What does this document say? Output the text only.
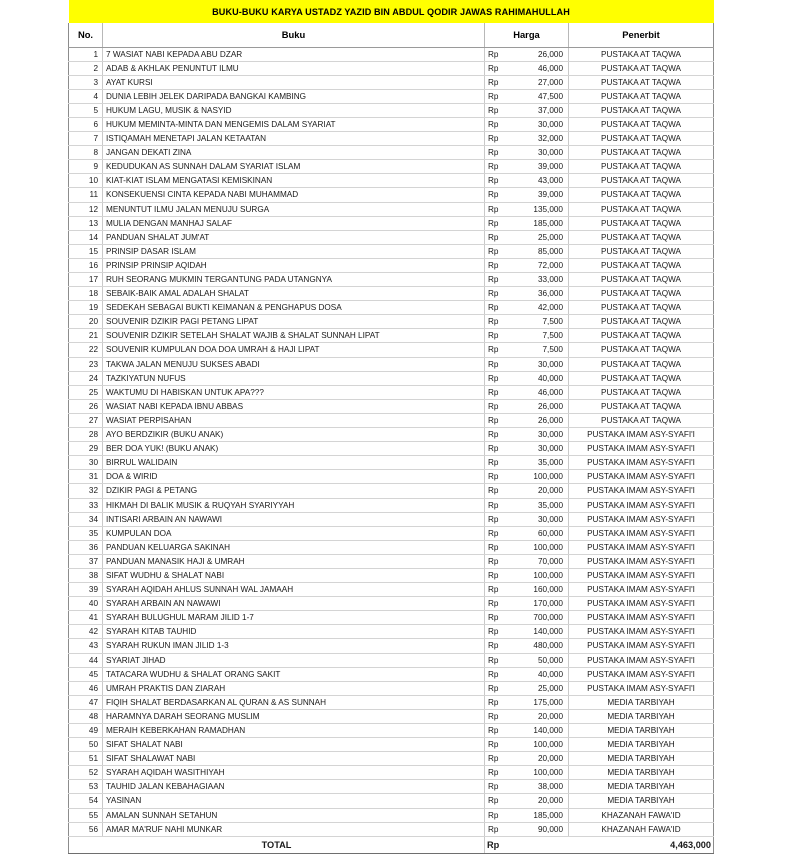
BUKU-BUKU KARYA USTADZ YAZID BIN ABDUL QODIR JAWAS RAHIMAHULLAH				
No.	Buku	Harga		Penerbit
1	7 WASIAT NABI KEPADA ABU DZAR	Rp	26,000	PUSTAKA AT TAQWA
2	ADAB & AKHLAK PENUNTUT ILMU	Rp	46,000	PUSTAKA AT TAQWA
3	AYAT KURSI	Rp	27,000	PUSTAKA AT TAQWA
4	DUNIA LEBIH JELEK DARIPADA BANGKAI KAMBING	Rp	47,500	PUSTAKA AT TAQWA
5	HUKUM LAGU, MUSIK & NASYID	Rp	37,000	PUSTAKA AT TAQWA
6	HUKUM MEMINTA-MINTA DAN MENGEMIS DALAM SYARIAT	Rp	30,000	PUSTAKA AT TAQWA
7	ISTIQAMAH MENETAPI JALAN KETAATAN	Rp	32,000	PUSTAKA AT TAQWA
8	JANGAN DEKATI ZINA	Rp	30,000	PUSTAKA AT TAQWA
9	KEDUDUKAN AS SUNNAH DALAM SYARIAT ISLAM	Rp	39,000	PUSTAKA AT TAQWA
10	KIAT-KIAT ISLAM MENGATASI KEMISKINAN	Rp	43,000	PUSTAKA AT TAQWA
11	KONSEKUENSI CINTA KEPADA NABI MUHAMMAD	Rp	39,000	PUSTAKA AT TAQWA
12	MENUNTUT ILMU JALAN MENUJU SURGA	Rp	135,000	PUSTAKA AT TAQWA
13	MULIA DENGAN MANHAJ SALAF	Rp	185,000	PUSTAKA AT TAQWA
14	PANDUAN SHALAT JUM'AT	Rp	25,000	PUSTAKA AT TAQWA
15	PRINSIP DASAR ISLAM	Rp	85,000	PUSTAKA AT TAQWA
16	PRINSIP PRINSIP AQIDAH	Rp	72,000	PUSTAKA AT TAQWA
17	RUH SEORANG MUKMIN TERGANTUNG PADA UTANGNYA	Rp	33,000	PUSTAKA AT TAQWA
18	SEBAIK-BAIK AMAL ADALAH SHALAT	Rp	36,000	PUSTAKA AT TAQWA
19	SEDEKAH SEBAGAI BUKTI KEIMANAN & PENGHAPUS DOSA	Rp	42,000	PUSTAKA AT TAQWA
20	SOUVENIR DZIKIR PAGI PETANG LIPAT	Rp	7,500	PUSTAKA AT TAQWA
21	SOUVENIR DZIKIR SETELAH SHALAT WAJIB & SHALAT SUNNAH LIPAT	Rp	7,500	PUSTAKA AT TAQWA
22	SOUVENIR KUMPULAN DOA DOA UMRAH & HAJI LIPAT	Rp	7,500	PUSTAKA AT TAQWA
23	TAKWA JALAN MENUJU SUKSES ABADI	Rp	30,000	PUSTAKA AT TAQWA
24	TAZKIYATUN NUFUS	Rp	40,000	PUSTAKA AT TAQWA
25	WAKTUMU DI HABISKAN UNTUK APA???	Rp	46,000	PUSTAKA AT TAQWA
26	WASIAT NABI KEPADA IBNU ABBAS	Rp	26,000	PUSTAKA AT TAQWA
27	WASIAT PERPISAHAN	Rp	26,000	PUSTAKA AT TAQWA
28	AYO BERDZIKIR (BUKU ANAK)	Rp	30,000	PUSTAKA IMAM ASY-SYAFI'I
29	BER DOA YUK! (BUKU ANAK)	Rp	30,000	PUSTAKA IMAM ASY-SYAFI'I
30	BIRRUL WALIDAIN	Rp	35,000	PUSTAKA IMAM ASY-SYAFI'I
31	DOA & WIRID	Rp	100,000	PUSTAKA IMAM ASY-SYAFI'I
32	DZIKIR PAGI & PETANG	Rp	20,000	PUSTAKA IMAM ASY-SYAFI'I
33	HIKMAH DI BALIK MUSIK & RUQYAH SYARIYYAH	Rp	35,000	PUSTAKA IMAM ASY-SYAFI'I
34	INTISARI ARBAIN AN NAWAWI	Rp	30,000	PUSTAKA IMAM ASY-SYAFI'I
35	KUMPULAN DOA	Rp	60,000	PUSTAKA IMAM ASY-SYAFI'I
36	PANDUAN KELUARGA SAKINAH	Rp	100,000	PUSTAKA IMAM ASY-SYAFI'I
37	PANDUAN MANASIK HAJI & UMRAH	Rp	70,000	PUSTAKA IMAM ASY-SYAFI'I
38	SIFAT WUDHU & SHALAT NABI	Rp	100,000	PUSTAKA IMAM ASY-SYAFI'I
39	SYARAH AQIDAH AHLUS SUNNAH WAL JAMAAH	Rp	160,000	PUSTAKA IMAM ASY-SYAFI'I
40	SYARAH ARBAIN AN NAWAWI	Rp	170,000	PUSTAKA IMAM ASY-SYAFI'I
41	SYARAH BULUGHUL MARAM JILID 1-7	Rp	700,000	PUSTAKA IMAM ASY-SYAFI'I
42	SYARAH KITAB TAUHID	Rp	140,000	PUSTAKA IMAM ASY-SYAFI'I
43	SYARAH RUKUN IMAN JILID 1-3	Rp	480,000	PUSTAKA IMAM ASY-SYAFI'I
44	SYARIAT JIHAD	Rp	50,000	PUSTAKA IMAM ASY-SYAFI'I
45	TATACARA WUDHU & SHALAT ORANG SAKIT	Rp	40,000	PUSTAKA IMAM ASY-SYAFI'I
46	UMRAH PRAKTIS DAN ZIARAH	Rp	25,000	PUSTAKA IMAM ASY-SYAFI'I
47	FIQIH SHALAT BERDASARKAN AL QURAN & AS SUNNAH	Rp	175,000	MEDIA TARBIYAH
48	HARAMNYA DARAH SEORANG MUSLIM	Rp	20,000	MEDIA TARBIYAH
49	MERAIH KEBERKAHAN RAMADHAN	Rp	140,000	MEDIA TARBIYAH
50	SIFAT SHALAT NABI	Rp	100,000	MEDIA TARBIYAH
51	SIFAT SHALAWAT NABI	Rp	20,000	MEDIA TARBIYAH
52	SYARAH AQIDAH WASITHIYAH	Rp	100,000	MEDIA TARBIYAH
53	TAUHID JALAN KEBAHAGIAAN	Rp	38,000	MEDIA TARBIYAH
54	YASINAN	Rp	20,000	MEDIA TARBIYAH
55	AMALAN SUNNAH SETAHUN	Rp	185,000	KHAZANAH FAWA'ID
56	AMAR MA'RUF NAHI MUNKAR	Rp	90,000	KHAZANAH FAWA'ID
TOTAL		Rp	4,463,000	
